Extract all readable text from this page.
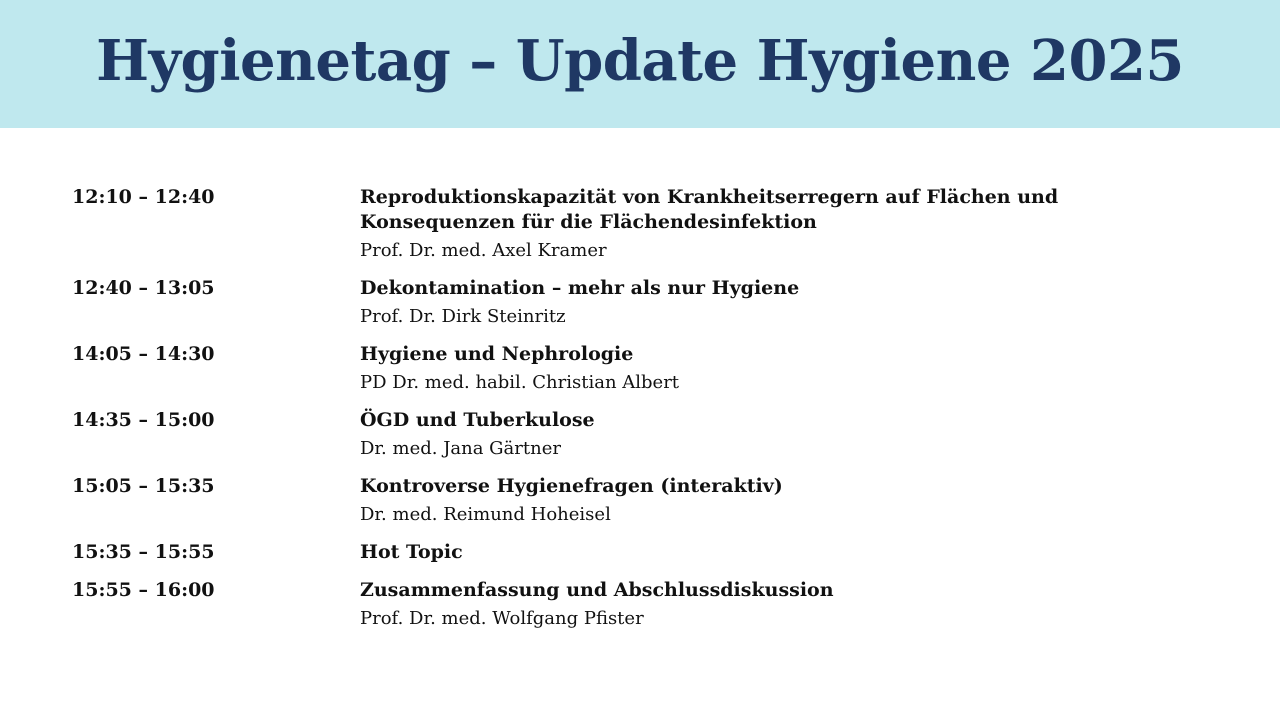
Hygienetag – Update Hygiene 2025
12:10 – 12:40	Reproduktionskapazität von Krankheitserregern auf Flächen und Konsequenzen für die Flächendesinfektion
Prof. Dr. med. Axel Kramer
12:40 – 13:05	Dekontamination – mehr als nur Hygiene
Prof. Dr. Dirk Steinritz
14:05 – 14:30	Hygiene und Nephrologie
PD Dr. med. habil. Christian Albert
14:35 – 15:00	ÖGD und Tuberkulose
Dr. med. Jana Gärtner
15:05 – 15:35	Kontroverse Hygienefragen (interaktiv)
Dr. med. Reimund Hoheisel
15:35 – 15:55	Hot Topic
15:55 – 16:00	Zusammenfassung und Abschlussdiskussion
Prof. Dr. med. Wolfgang Pfister
